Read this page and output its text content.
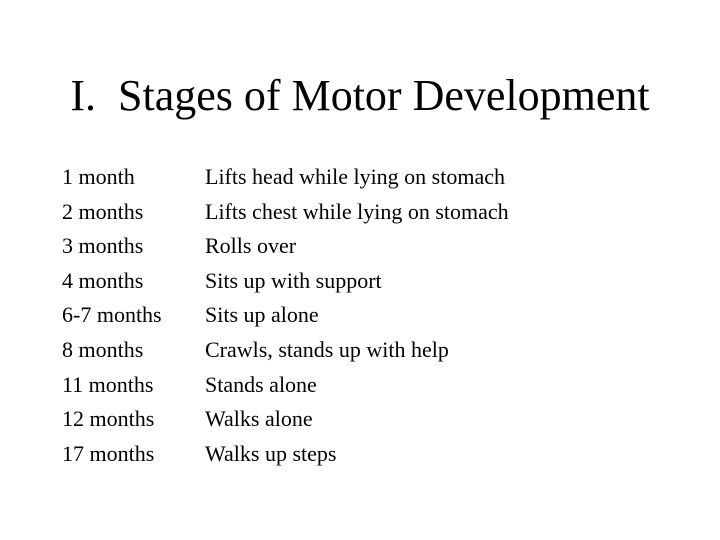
I.  Stages of Motor Development
1 month	Lifts head while lying on stomach
2 months	Lifts chest while lying on stomach
3 months	Rolls over
4 months	Sits up with support
6-7 months Sits up alone
8 months	Crawls, stands up with help
11 months Stands alone
12 months Walks alone
17 months Walks up steps
